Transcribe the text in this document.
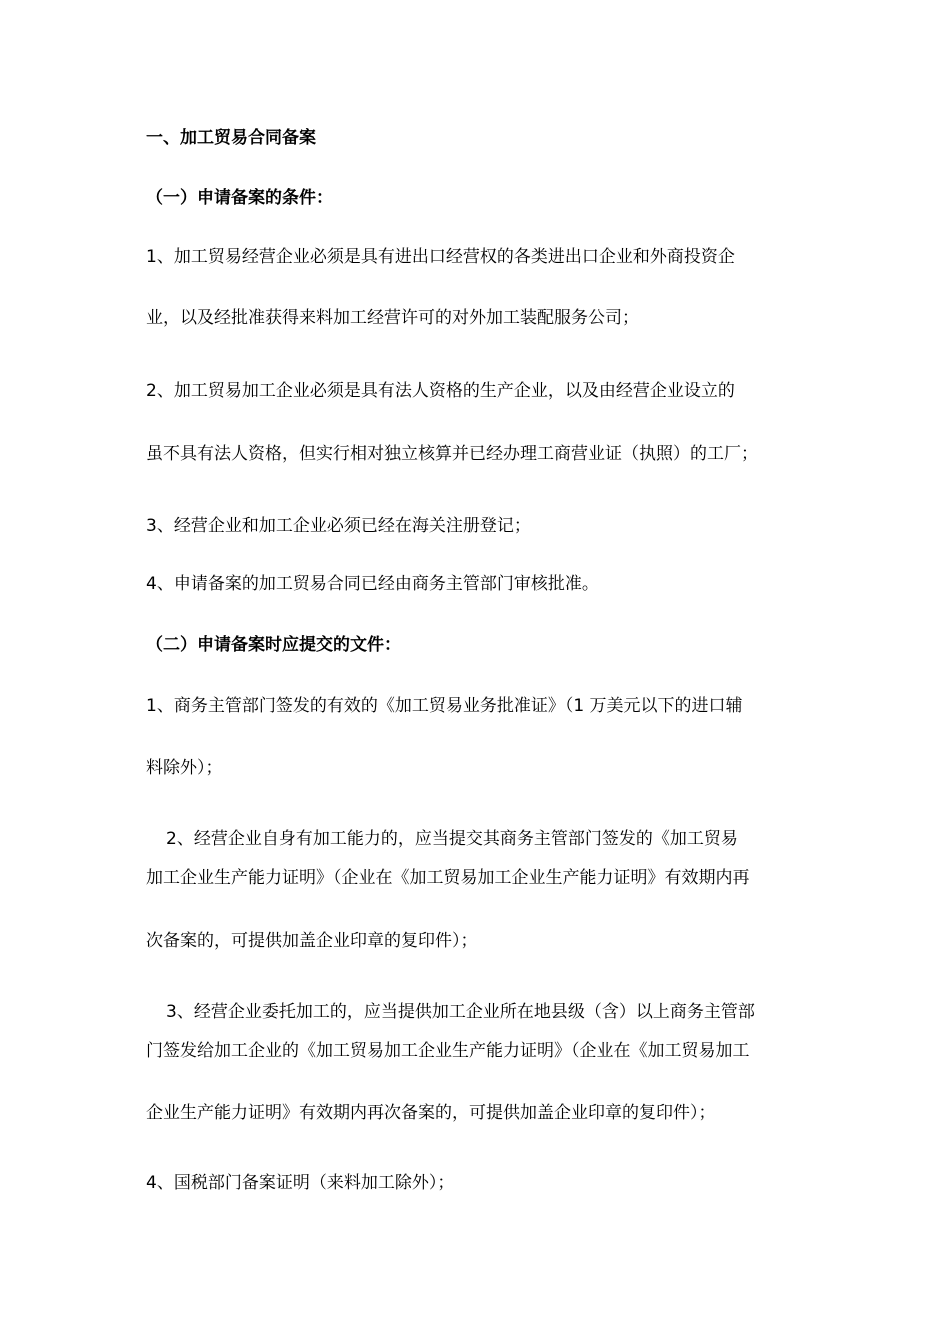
一、加工贸易合同备案

（一）申请备案的条件：

1、加工贸易经营企业必须是具有进出口经营权的各类进出口企业和外商投资企

业，以及经批准获得来料加工经营许可的对外加工装配服务公司；

2、加工贸易加工企业必须是具有法人资格的生产企业，以及由经营企业设立的

虽不具有法人资格，但实行相对独立核算并已经办理工商营业证（执照）的工厂；

3、经营企业和加工企业必须已经在海关注册登记；

4、申请备案的加工贸易合同已经由商务主管部门审核批准。

（二）申请备案时应提交的文件：

1、商务主管部门签发的有效的《加工贸易业务批准证》（1 万美元以下的进口辅

料除外）；

2、经营企业自身有加工能力的，应当提交其商务主管部门签发的《加工贸易

加工企业生产能力证明》（企业在《加工贸易加工企业生产能力证明》有效期内再

次备案的，可提供加盖企业印章的复印件）；

3、经营企业委托加工的，应当提供加工企业所在地县级（含）以上商务主管部

门签发给加工企业的《加工贸易加工企业生产能力证明》（企业在《加工贸易加工

企业生产能力证明》有效期内再次备案的，可提供加盖企业印章的复印件）；

4、国税部门备案证明（来料加工除外）；
